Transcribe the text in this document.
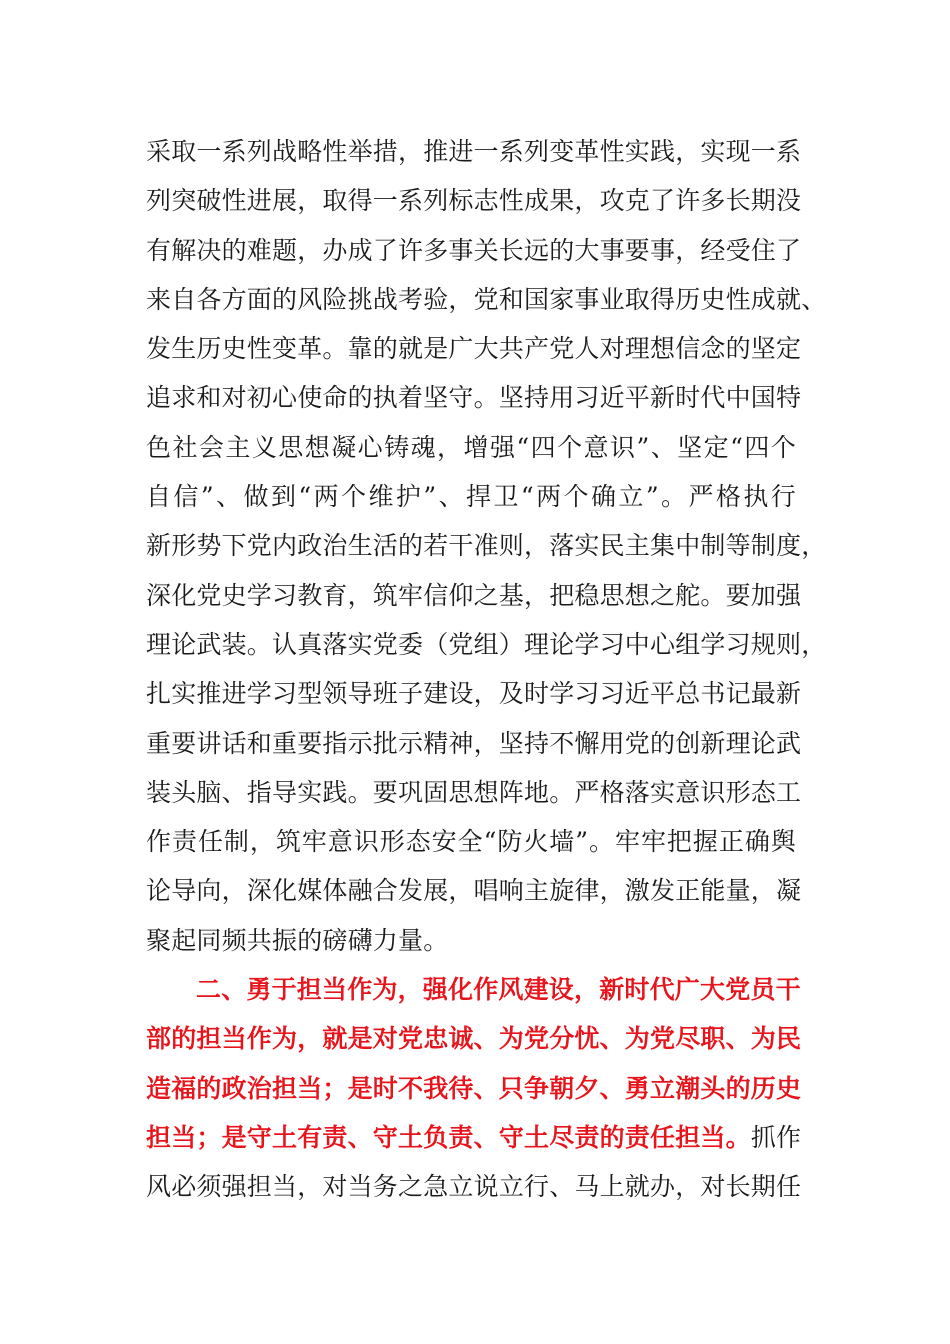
采取一系列战略性举措，推进一系列变革性实践，实现一系
列突破性进展，取得一系列标志性成果，攻克了许多长期没
有解决的难题，办成了许多事关长远的大事要事，经受住了
来自各方面的风险挑战考验，党和国家事业取得历史性成就、
发生历史性变革。靠的就是广大共产党人对理想信念的坚定
追求和对初心使命的执着坚守。坚持用习近平新时代中国特
色社会主义思想凝心铸魂，增强“四个意识”、坚定“四个
自信”、做到“两个维护”、捍卫“两个确立”。严格执行
新形势下党内政治生活的若干准则，落实民主集中制等制度，
深化党史学习教育，筑牢信仰之基，把稳思想之舵。要加强
理论武装。认真落实党委（党组）理论学习中心组学习规则，
扎实推进学习型领导班子建设，及时学习习近平总书记最新
重要讲话和重要指示批示精神，坚持不懈用党的创新理论武
装头脑、指导实践。要巩固思想阵地。严格落实意识形态工
作责任制，筑牢意识形态安全“防火墙”。牢牢把握正确舆
论导向，深化媒体融合发展，唱响主旋律，激发正能量，凝
聚起同频共振的磅礴力量。
二、勇于担当作为，强化作风建设，新时代广大党员干
部的担当作为，就是对党忠诚、为党分忧、为党尽职、为民
造福的政治担当；是时不我待、只争朝夕、勇立潮头的历史
担当；是守土有责、守土负责、守土尽责的责任担当。抓作
风必须强担当，对当务之急立说立行、马上就办，对长期任
